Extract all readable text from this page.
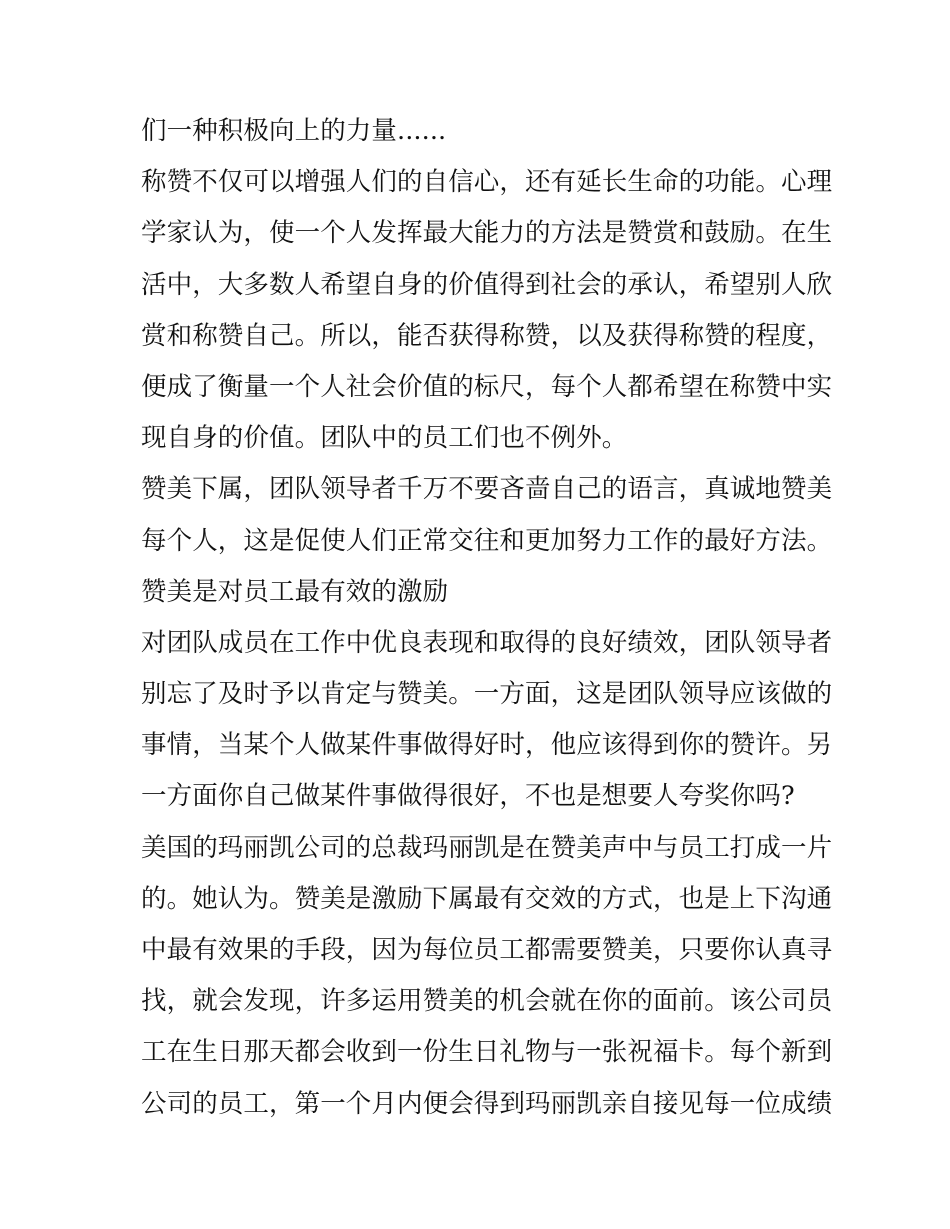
们一种积极向上的力量......
称赞不仅可以增强人们的自信心，还有延长生命的功能。心理
学家认为，使一个人发挥最大能力的方法是赞赏和鼓励。在生
活中，大多数人希望自身的价值得到社会的承认，希望别人欣
赏和称赞自己。所以，能否获得称赞，以及获得称赞的程度，
便成了衡量一个人社会价值的标尺，每个人都希望在称赞中实
现自身的价值。团队中的员工们也不例外。
赞美下属，团队领导者千万不要吝啬自己的语言，真诚地赞美
每个人，这是促使人们正常交往和更加努力工作的最好方法。
赞美是对员工最有效的激励
对团队成员在工作中优良表现和取得的良好绩效，团队领导者
别忘了及时予以肯定与赞美。一方面，这是团队领导应该做的
事情，当某个人做某件事做得好时，他应该得到你的赞许。另
一方面你自己做某件事做得很好，不也是想要人夸奖你吗?
美国的玛丽凯公司的总裁玛丽凯是在赞美声中与员工打成一片
的。她认为。赞美是激励下属最有交效的方式，也是上下沟通
中最有效果的手段，因为每位员工都需要赞美，只要你认真寻
找，就会发现，许多运用赞美的机会就在你的面前。该公司员
工在生日那天都会收到一份生日礼物与一张祝福卡。每个新到
公司的员工，第一个月内便会得到玛丽凯亲自接见每一位成绩
